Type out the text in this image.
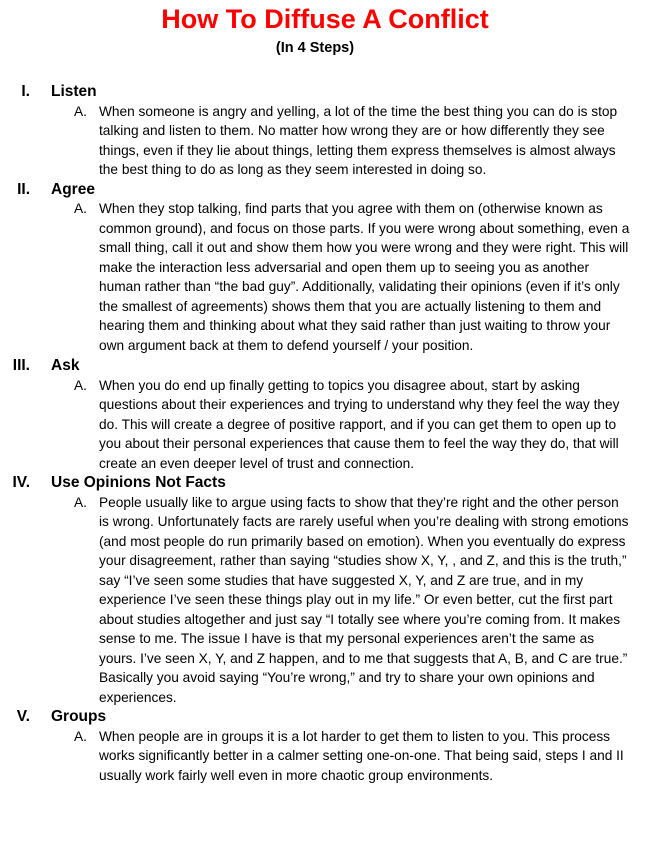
How To Diffuse A Conflict
(In 4 Steps)
I. Listen
A. When someone is angry and yelling, a lot of the time the best thing you can do is stop talking and listen to them. No matter how wrong they are or how differently they see things, even if they lie about things, letting them express themselves is almost always the best thing to do as long as they seem interested in doing so.
II. Agree
A. When they stop talking, find parts that you agree with them on (otherwise known as common ground), and focus on those parts. If you were wrong about something, even a small thing, call it out and show them how you were wrong and they were right. This will make the interaction less adversarial and open them up to seeing you as another human rather than “the bad guy”. Additionally, validating their opinions (even if it’s only the smallest of agreements) shows them that you are actually listening to them and hearing them and thinking about what they said rather than just waiting to throw your own argument back at them to defend yourself / your position.
III. Ask
A. When you do end up finally getting to topics you disagree about, start by asking questions about their experiences and trying to understand why they feel the way they do. This will create a degree of positive rapport, and if you can get them to open up to you about their personal experiences that cause them to feel the way they do, that will create an even deeper level of trust and connection.
IV. Use Opinions Not Facts
A. People usually like to argue using facts to show that they’re right and the other person is wrong. Unfortunately facts are rarely useful when you’re dealing with strong emotions (and most people do run primarily based on emotion). When you eventually do express your disagreement, rather than saying “studies show X, Y, , and Z, and this is the truth,” say “I’ve seen some studies that have suggested X, Y, and Z are true, and in my experience I’ve seen these things play out in my life.” Or even better, cut the first part about studies altogether and just say “I totally see where you’re coming from. It makes sense to me. The issue I have is that my personal experiences aren’t the same as yours. I’ve seen X, Y, and Z happen, and to me that suggests that A, B, and C are true.” Basically you avoid saying “You’re wrong,” and try to share your own opinions and experiences.
V. Groups
A. When people are in groups it is a lot harder to get them to listen to you. This process works significantly better in a calmer setting one-on-one. That being said, steps I and II usually work fairly well even in more chaotic group environments.
